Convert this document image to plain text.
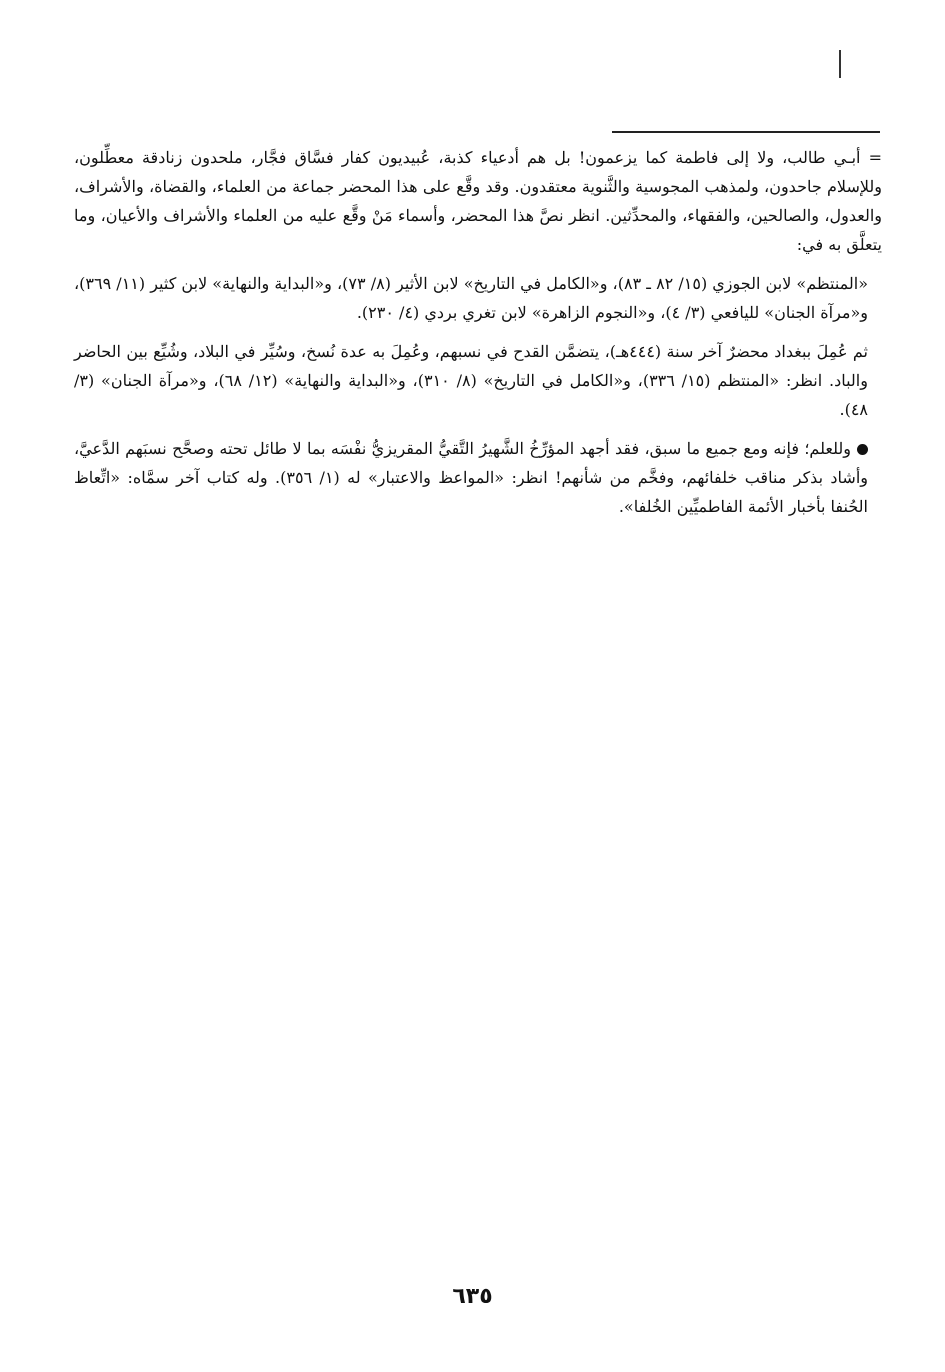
= أبـي طالب، ولا إلى فاطمة كما يزعمون! بل هم أدعياء كذبة، عُبيديون كفار فسَّاق فجَّار، ملحدون زنادقة معطِّلون، وللإسلام جاحدون، ولمذهب المجوسية والثَّنوية معتقدون. وقد وقَّع على هذا المحضر جماعة من العلماء، والقضاة، والأشراف، والعدول، والصالحين، والفقهاء، والمحدِّثين. انظر نصَّ هذا المحضر، وأسماء مَنْ وقَّع عليه من العلماء والأشراف والأعيان، وما يتعلَّق به في:

«المنتظم» لابن الجوزي (١٥/ ٨٢ ـ ٨٣)، و«الكامل في التاريخ» لابن الأثير (٨/ ٧٣)، و«البداية والنهاية» لابن كثير (١١/ ٣٦٩)، و«مرآة الجنان» لليافعي (٣/ ٤)، و«النجوم الزاهرة» لابن تغري بردي (٤/ ٢٣٠).

ثم عُمِلَ ببغداد محضرٌ آخر سنة (٤٤٤هـ)، يتضمَّن القدح في نسبهم، وعُمِلَ به عدة نُسخ، وسُيِّر في البلاد، وشُيِّع بين الحاضر والباد. انظر: «المنتظم (١٥/ ٣٣٦)، و«الكامل في التاريخ» (٨/ ٣١٠)، و«البداية والنهاية» (١٢/ ٦٨)، و«مرآة الجنان» (٣/ ٤٨).

وللعلم؛ فإنه ومع جميع ما سبق، فقد أجهد المؤرِّخُ الشَّهيرُ التَّقيُّ المقريزيُّ نفْسَه بما لا طائل تحته وصحَّح نسبَهم الدَّعيَّ، وأشاد بذكر مناقب خلفائهم، وفخَّم من شأنهم! انظر: «المواعظ والاعتبار» له (١/ ٣٥٦). وله كتاب آخر سمَّاه: «اتِّعاظ الحُنفا بأخبار الأئمة الفاطميِّين الخُلفا».

٦٣٥
